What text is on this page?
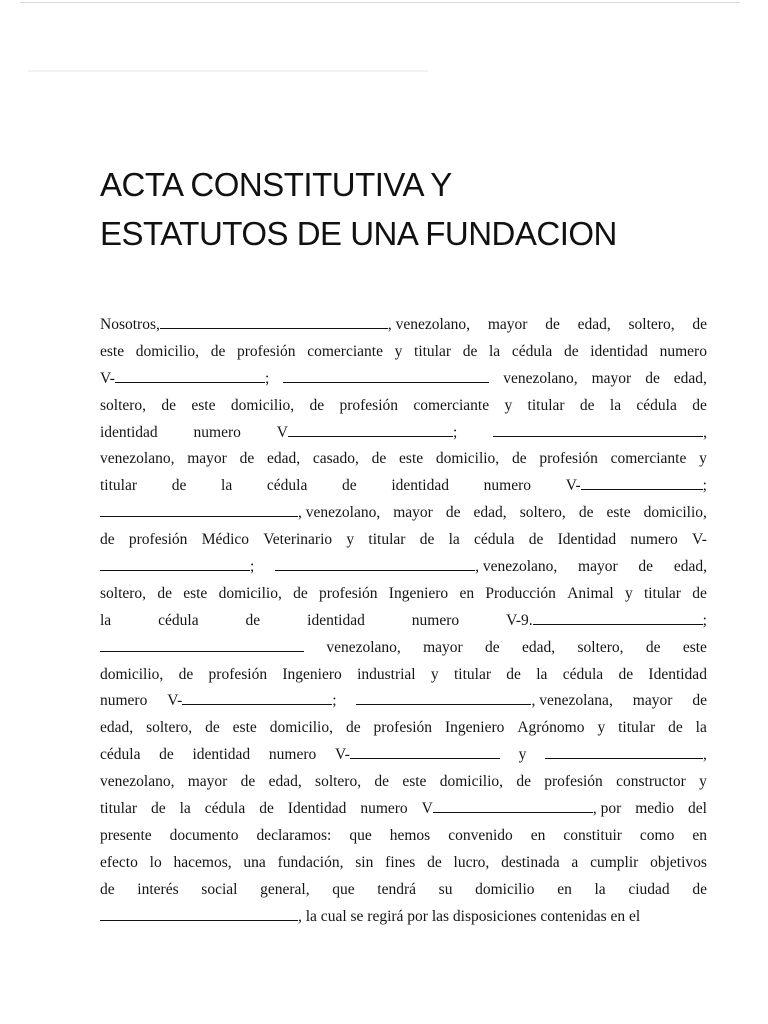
ACTA CONSTITUTIVA Y
ESTATUTOS DE UNA FUNDACION
Nosotros,	, venezolano, mayor de edad, soltero, de
este domicilio, de profesión comerciante y titular de la cédula de identidad numero
V-	;	venezolano, mayor de edad,
soltero, de este domicilio, de profesión comerciante y titular de la cédula de
identidad numero V	;	,
venezolano, mayor de edad, casado, de este domicilio, de profesión comerciante y
titular de la cédula de identidad numero V-	;
, venezolano, mayor de edad, soltero, de este domicilio,
de profesión Médico Veterinario y titular de la cédula de Identidad numero V-
;	, venezolano, mayor de edad,
soltero, de este domicilio, de profesión Ingeniero en Producción Animal y titular de
la	cédula	de	identidad	numero	V-9.	;
venezolano, mayor de edad, soltero, de este
domicilio, de profesión Ingeniero industrial y titular de la cédula de Identidad
numero V-	;	, venezolana, mayor de
edad, soltero, de este domicilio, de profesión Ingeniero Agrónomo y titular de la
cédula de identidad numero V-	y	,
venezolano, mayor de edad, soltero, de este domicilio, de profesión constructor y
titular de la cédula de Identidad numero V	, por medio del
presente documento declaramos: que hemos convenido en constituir como en
efecto lo hacemos, una fundación, sin fines de lucro, destinada a cumplir objetivos
de interés social general, que tendrá su domicilio en la ciudad de
, la cual se regirá por las disposiciones contenidas en el
